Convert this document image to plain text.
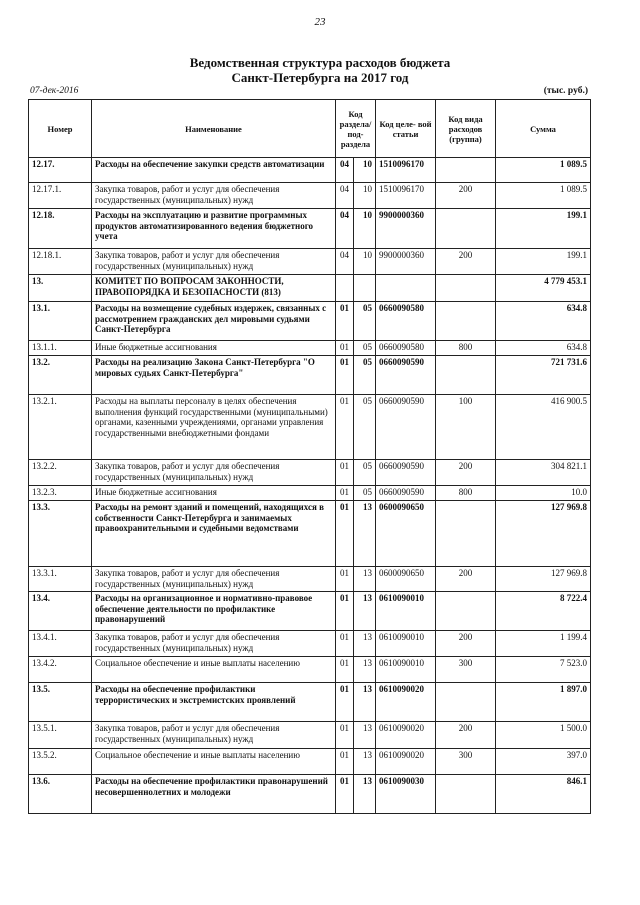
23
Ведомственная структура расходов бюджета
Санкт-Петербурга на 2017 год
07-дек-2016	(тыс. руб.)
Номер	Наименование	Код раздела/ под- раздела		Код целе- вой статьи	Код вида расходов (группа)	Сумма
12.17.	Расходы на обеспечение закупки средств автоматизации	04	10	1510096170		1 089.5
12.17.1.	Закупка товаров, работ и услуг для обеспечения государственных (муниципальных) нужд	04	10	1510096170	200	1 089.5
12.18.	Расходы на эксплуатацию и развитие программных продуктов автоматизированного ведения бюджетного учета	04	10	9900000360		199.1
12.18.1.	Закупка товаров, работ и услуг для обеспечения государственных (муниципальных) нужд	04	10	9900000360	200	199.1
13.	КОМИТЕТ ПО ВОПРОСАМ ЗАКОННОСТИ, ПРАВОПОРЯДКА И БЕЗОПАСНОСТИ (813)					4 779 453.1
13.1.	Расходы на возмещение судебных издержек, связанных с рассмотрением гражданских дел мировыми судьями Санкт-Петербурга	01	05	0660090580		634.8
13.1.1.	Иные бюджетные ассигнования	01	05	0660090580	800	634.8
13.2.	Расходы на реализацию Закона Санкт-Петербурга "О мировых судьях Санкт-Петербурга"	01	05	0660090590		721 731.6
13.2.1.	Расходы на выплаты персоналу в целях обеспечения выполнения функций государственными (муниципальными) органами, казенными учреждениями, органами управления государственными внебюджетными фондами	01	05	0660090590	100	416 900.5
13.2.2.	Закупка товаров, работ и услуг для обеспечения государственных (муниципальных) нужд	01	05	0660090590	200	304 821.1
13.2.3.	Иные бюджетные ассигнования	01	05	0660090590	800	10.0
13.3.	Расходы на ремонт зданий и помещений, находящихся в собственности Санкт-Петербурга и занимаемых правоохранительными и судебными ведомствами	01	13	0600090650		127 969.8
13.3.1.	Закупка товаров, работ и услуг для обеспечения государственных (муниципальных) нужд	01	13	0600090650	200	127 969.8
13.4.	Расходы на организационное и нормативно-правовое обеспечение деятельности по профилактике правонарушений	01	13	0610090010		8 722.4
13.4.1.	Закупка товаров, работ и услуг для обеспечения государственных (муниципальных) нужд	01	13	0610090010	200	1 199.4
13.4.2.	Социальное обеспечение и иные выплаты населению	01	13	0610090010	300	7 523.0
13.5.	Расходы на обеспечение профилактики террористических и экстремистских проявлений	01	13	0610090020		1 897.0
13.5.1.	Закупка товаров, работ и услуг для обеспечения государственных (муниципальных) нужд	01	13	0610090020	200	1 500.0
13.5.2.	Социальное обеспечение и иные выплаты населению	01	13	0610090020	300	397.0
13.6.	Расходы на обеспечение профилактики правонарушений несовершеннолетних и молодежи	01	13	0610090030		846.1
